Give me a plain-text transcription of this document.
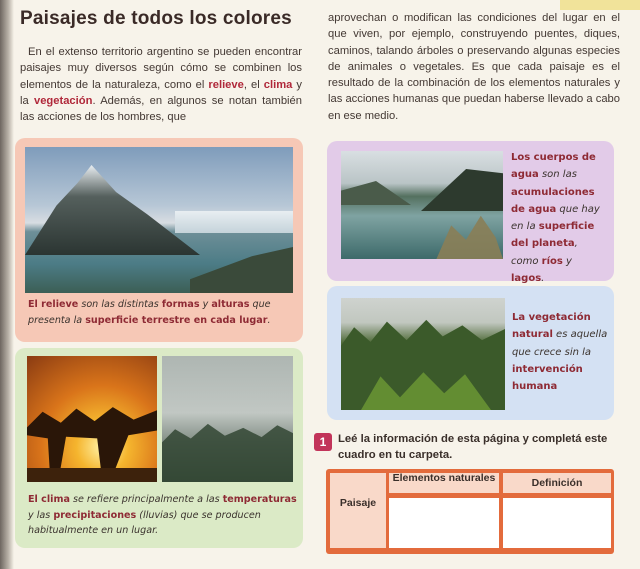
Paisajes de todos los colores

En el extenso territorio argentino se pueden encontrar paisajes muy diversos según cómo se combinen los elementos de la naturaleza, como el relieve, el clima y la vegetación. Además, en algunos se notan también las acciones de los hombres, que

aprovechan o modifican las condiciones del lugar en el que viven, por ejemplo, construyendo puentes, diques, caminos, talando árboles o preservando algunas especies de animales o vegetales. Es que cada paisaje es el resultado de la combinación de los elementos naturales y las acciones humanas que puedan haberse llevado a cabo en ese medio.

El relieve son las distintas formas y alturas que presenta la superficie terrestre en cada lugar.

El clima se refiere principalmente a las temperaturas y las precipitaciones (lluvias) que se producen habitualmente en un lugar.

Los cuerpos de agua son las acumulaciones de agua que hay en la superficie del planeta, como ríos y lagos.

La vegetación natural es aquella que crece sin la intervención humana

1	Leé la información de esta página y completá este cuadro en tu carpeta.

Elementos naturales	Definición
Paisaje
